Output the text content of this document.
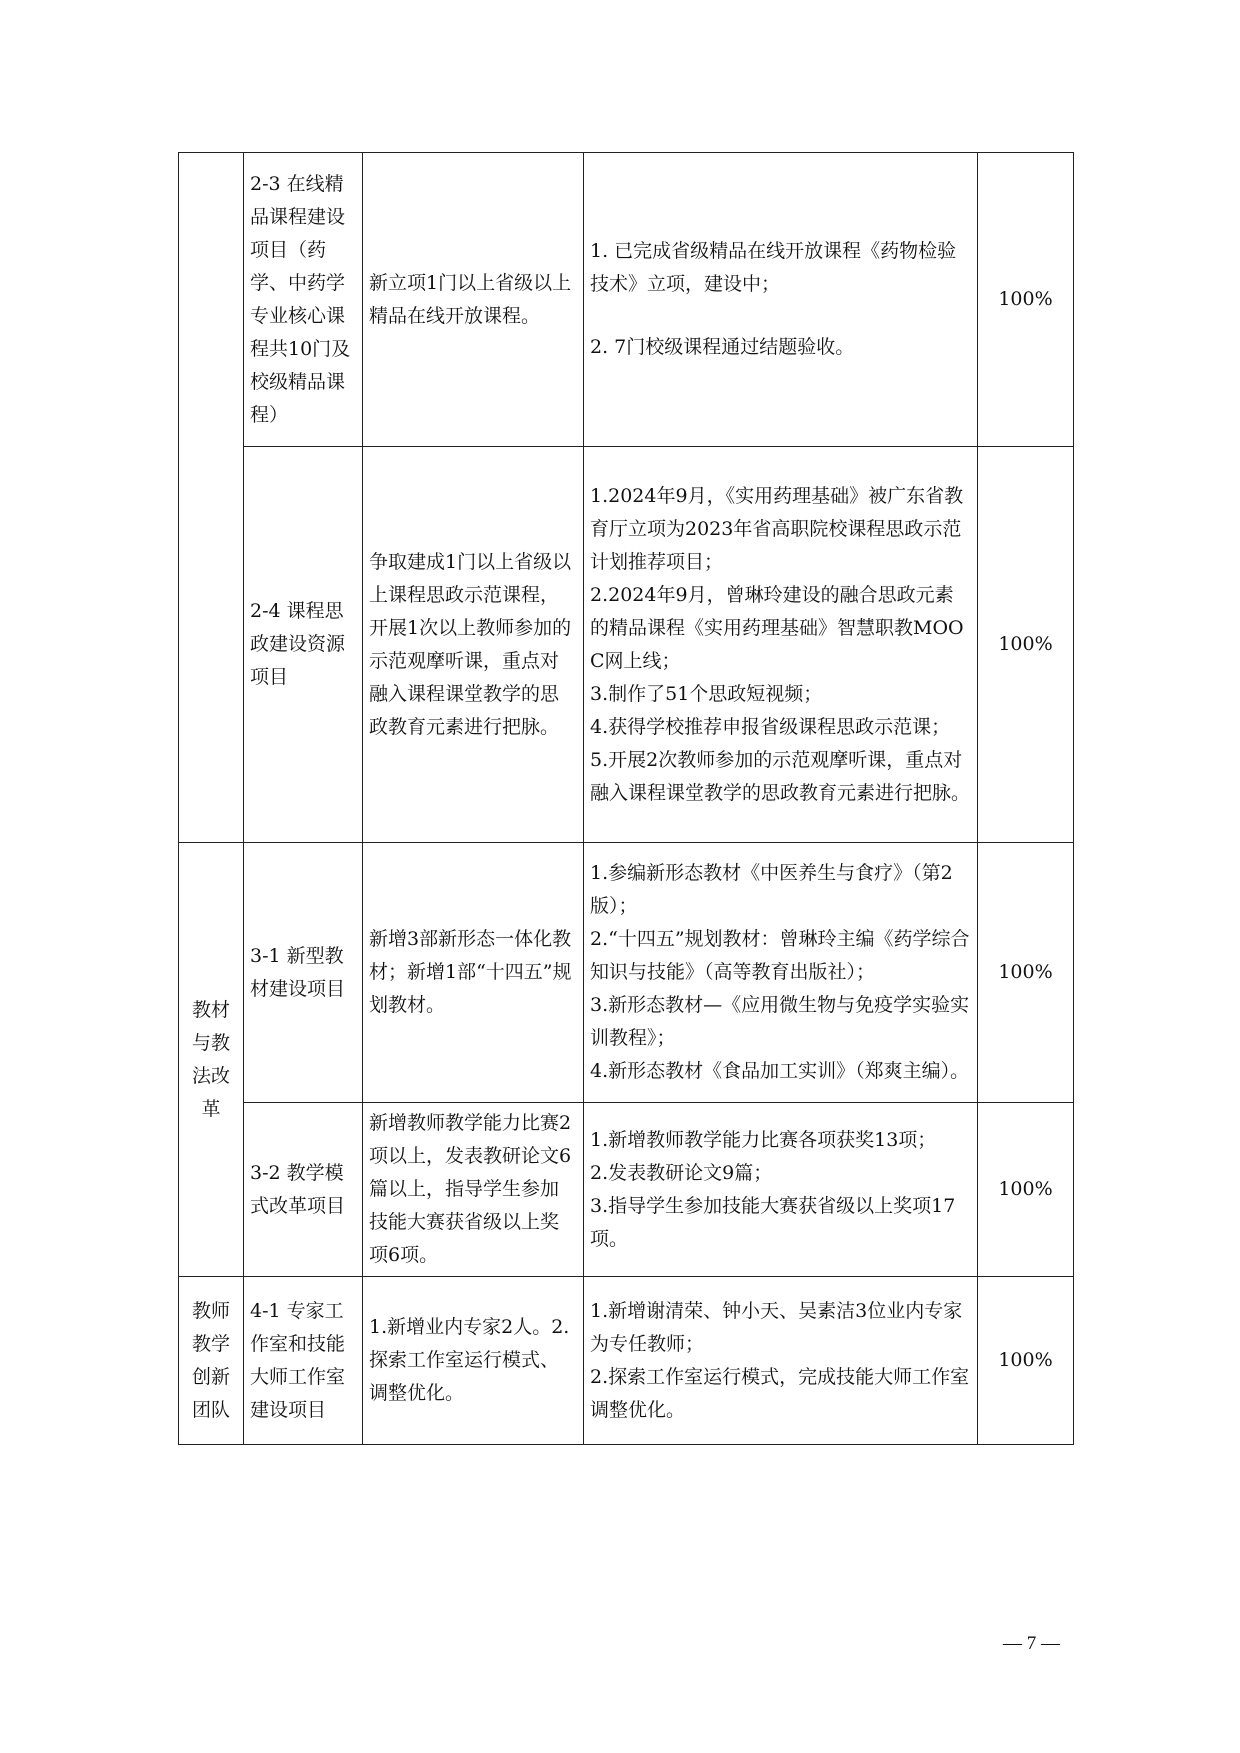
	2-3 在线精品课程建设项目（药学、中药学专业核心课程共10门及校级精品课程）	新立项1门以上省级以上精品在线开放课程。	1. 已完成省级精品在线开放课程《药物检验技术》立项，建设中；
2. 7门校级课程通过结题验收。	100%
	2-4 课程思政建设资源项目	争取建成1门以上省级以上课程思政示范课程，开展1次以上教师参加的示范观摩听课，重点对融入课程课堂教学的思政教育元素进行把脉。	1.2024年9月，《实用药理基础》被广东省教育厅立项为2023年省高职院校课程思政示范计划推荐项目；
2.2024年9月，曾琳玲建设的融合思政元素的精品课程《实用药理基础》智慧职教MOOC网上线；
3.制作了51个思政短视频；
4.获得学校推荐申报省级课程思政示范课；
5.开展2次教师参加的示范观摩听课，重点对融入课程课堂教学的思政教育元素进行把脉。	100%
教材与教法改革	3-1 新型教材建设项目	新增3部新形态一体化教材；新增1部“十四五”规划教材。	1.参编新形态教材《中医养生与食疗》（第2版）；
2.“十四五”规划教材：曾琳玲主编《药学综合知识与技能》（高等教育出版社）；
3.新形态教材—《应用微生物与免疫学实验实训教程》；
4.新形态教材《食品加工实训》（郑爽主编）。	100%
	3-2 教学模式改革项目	新增教师教学能力比赛2项以上，发表教研论文6篇以上，指导学生参加技能大赛获省级以上奖项6项。	1.新增教师教学能力比赛各项获奖13项；
2.发表教研论文9篇；
3.指导学生参加技能大赛获省级以上奖项17项。	100%
教师教学创新团队	4-1 专家工作室和技能大师工作室建设项目	1.新增业内专家2人。2.探索工作室运行模式、调整优化。	1.新增谢清荣、钟小天、吴素洁3位业内专家为专任教师；
2.探索工作室运行模式，完成技能大师工作室调整优化。	100%
— 7 —
